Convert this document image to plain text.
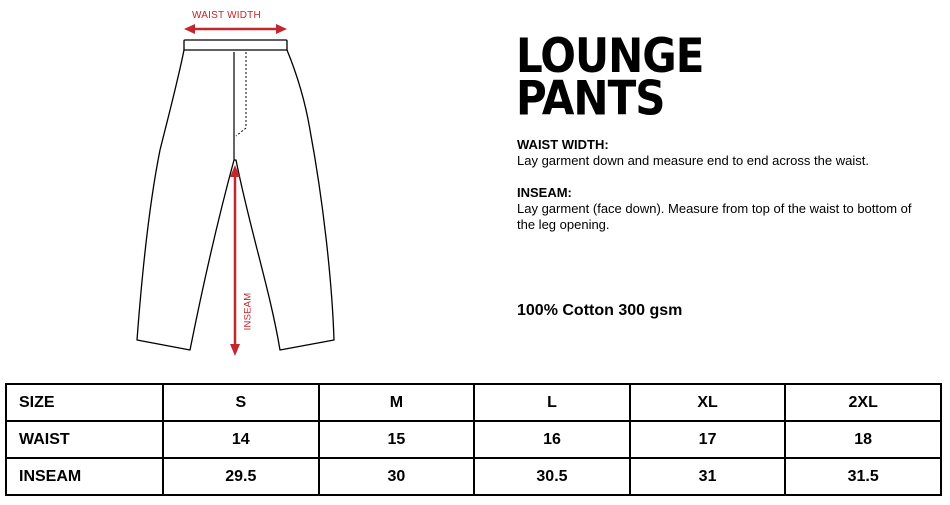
WAIST WIDTH
INSEAM
LOUNGE
PANTS
WAIST WIDTH:
Lay garment down and measure end to end across the waist.
INSEAM:
Lay garment (face down). Measure from top of the waist to bottom of the leg opening.
100% Cotton 300 gsm
SIZE	S	M	L	XL	2XL
WAIST	14	15	16	17	18
INSEAM	29.5	30	30.5	31	31.5
